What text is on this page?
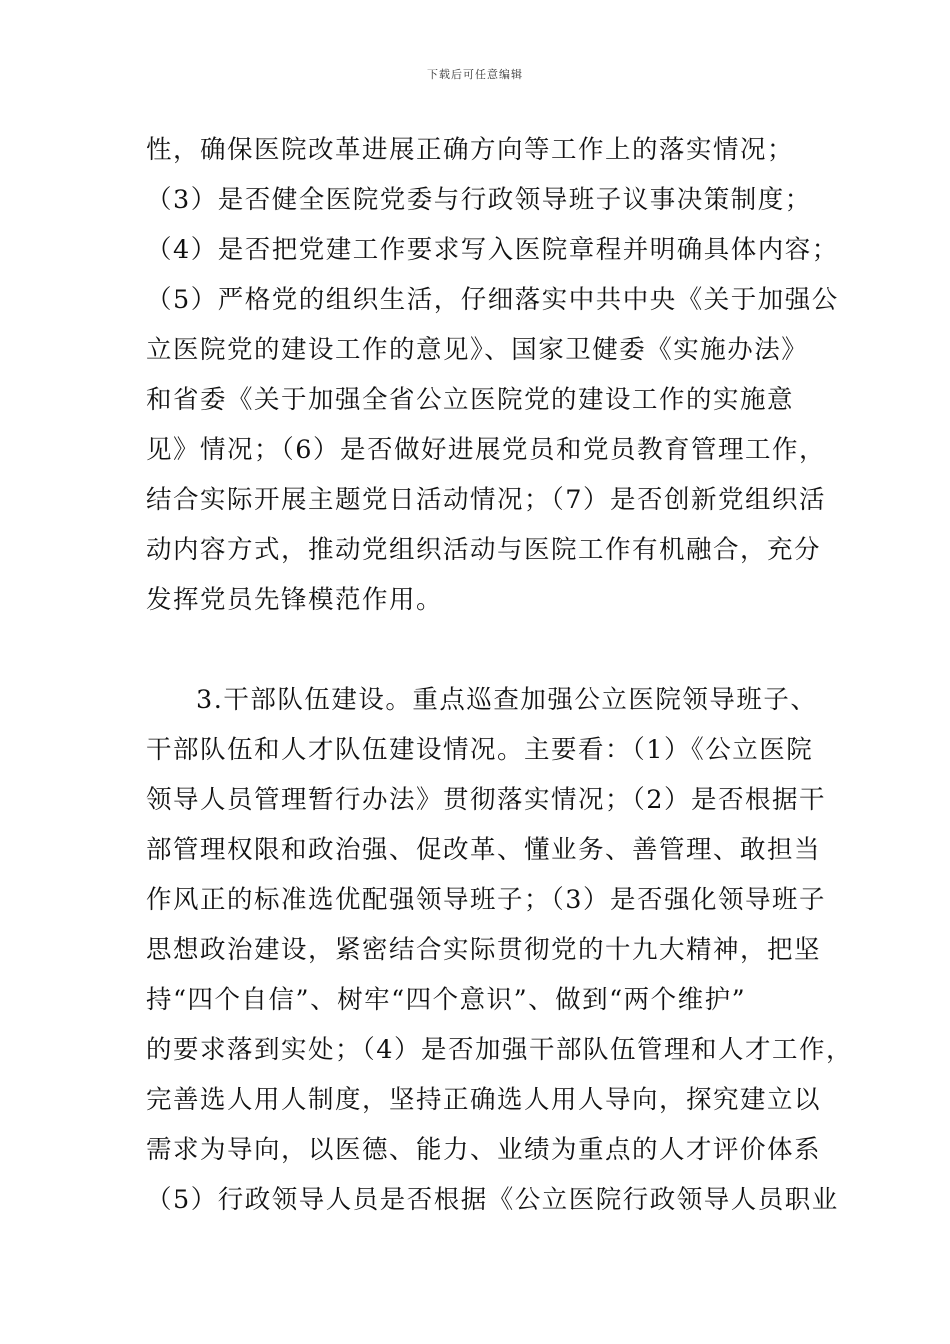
下载后可任意编辑
性，确保医院改革进展正确方向等工作上的落实情况；
（3）是否健全医院党委与行政领导班子议事决策制度；
（4）是否把党建工作要求写入医院章程并明确具体内容；
（5）严格党的组织生活，仔细落实中共中央《关于加强公
立医院党的建设工作的意见》、国家卫健委《实施办法》
和省委《关于加强全省公立医院党的建设工作的实施意
见》情况；（6）是否做好进展党员和党员教育管理工作，
结合实际开展主题党日活动情况；（7）是否创新党组织活
动内容方式，推动党组织活动与医院工作有机融合，充分
发挥党员先锋模范作用。
3.干部队伍建设。重点巡查加强公立医院领导班子、
干部队伍和人才队伍建设情况。主要看：（1）《公立医院
领导人员管理暂行办法》贯彻落实情况；（2）是否根据干
部管理权限和政治强、促改革、懂业务、善管理、敢担当
作风正的标准选优配强领导班子；（3）是否强化领导班子
思想政治建设，紧密结合实际贯彻党的十九大精神，把坚
持“四个自信”、树牢“四个意识”、做到“两个维护”
的要求落到实处；（4）是否加强干部队伍管理和人才工作，
完善选人用人制度，坚持正确选人用人导向，探究建立以
需求为导向，以医德、能力、业绩为重点的人才评价体系
（5）行政领导人员是否根据《公立医院行政领导人员职业
